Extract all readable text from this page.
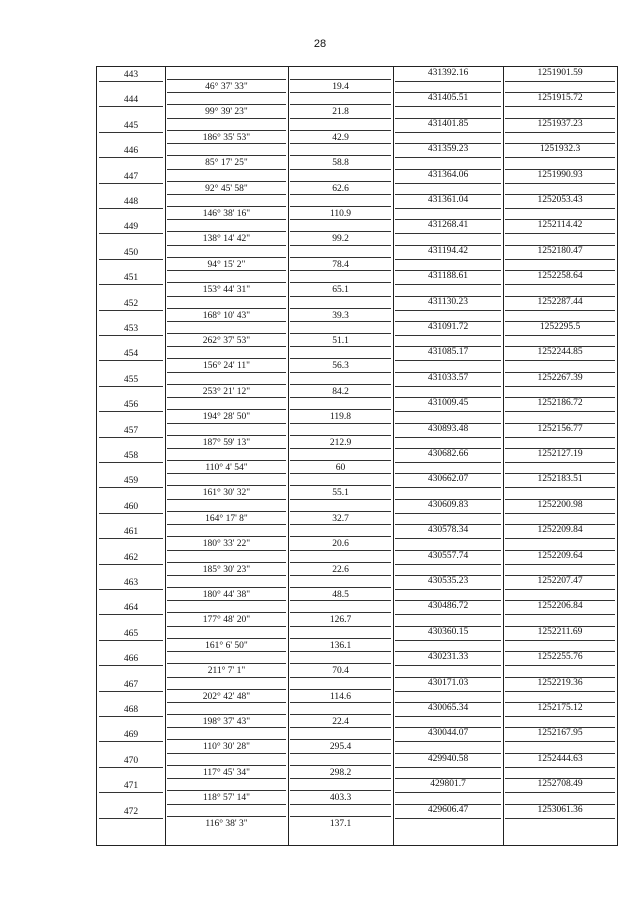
28
443	431392.16	1251901.59
444	431405.51	1251915.72
445	431401.85	1251937.23
446	431359.23	1251932.3
447	431364.06	1251990.93
448	431361.04	1252053.43
449	431268.41	1252114.42
450	431194.42	1252180.47
451	431188.61	1252258.64
452	431130.23	1252287.44
453	431091.72	1252295.5
454	431085.17	1252244.85
455	431033.57	1252267.39
456	431009.45	1252186.72
457	430893.48	1252156.77
458	430682.66	1252127.19
459	430662.07	1252183.51
460	430609.83	1252200.98
461	430578.34	1252209.84
462	430557.74	1252209.64
463	430535.23	1252207.47
464	430486.72	1252206.84
465	430360.15	1252211.69
466	430231.33	1252255.76
467	430171.03	1252219.36
468	430065.34	1252175.12
469	430044.07	1252167.95
470	429940.58	1252444.63
471	429801.7	1252708.49
472	429606.47	1253061.36
46° 37' 33"	19.4
99° 39' 23"	21.8
186° 35' 53"	42.9
85° 17' 25"	58.8
92° 45' 58"	62.6
146° 38' 16"	110.9
138° 14' 42"	99.2
94° 15' 2"	78.4
153° 44' 31"	65.1
168° 10' 43"	39.3
262° 37' 53"	51.1
156° 24' 11"	56.3
253° 21' 12"	84.2
194° 28' 50"	119.8
187° 59' 13"	212.9
110° 4' 54"	60
161° 30' 32"	55.1
164° 17' 8"	32.7
180° 33' 22"	20.6
185° 30' 23"	22.6
180° 44' 38"	48.5
177° 48' 20"	126.7
161° 6' 50"	136.1
211° 7' 1"	70.4
202° 42' 48"	114.6
198° 37' 43"	22.4
110° 30' 28"	295.4
117° 45' 34"	298.2
118° 57' 14"	403.3
116° 38' 3"	137.1
